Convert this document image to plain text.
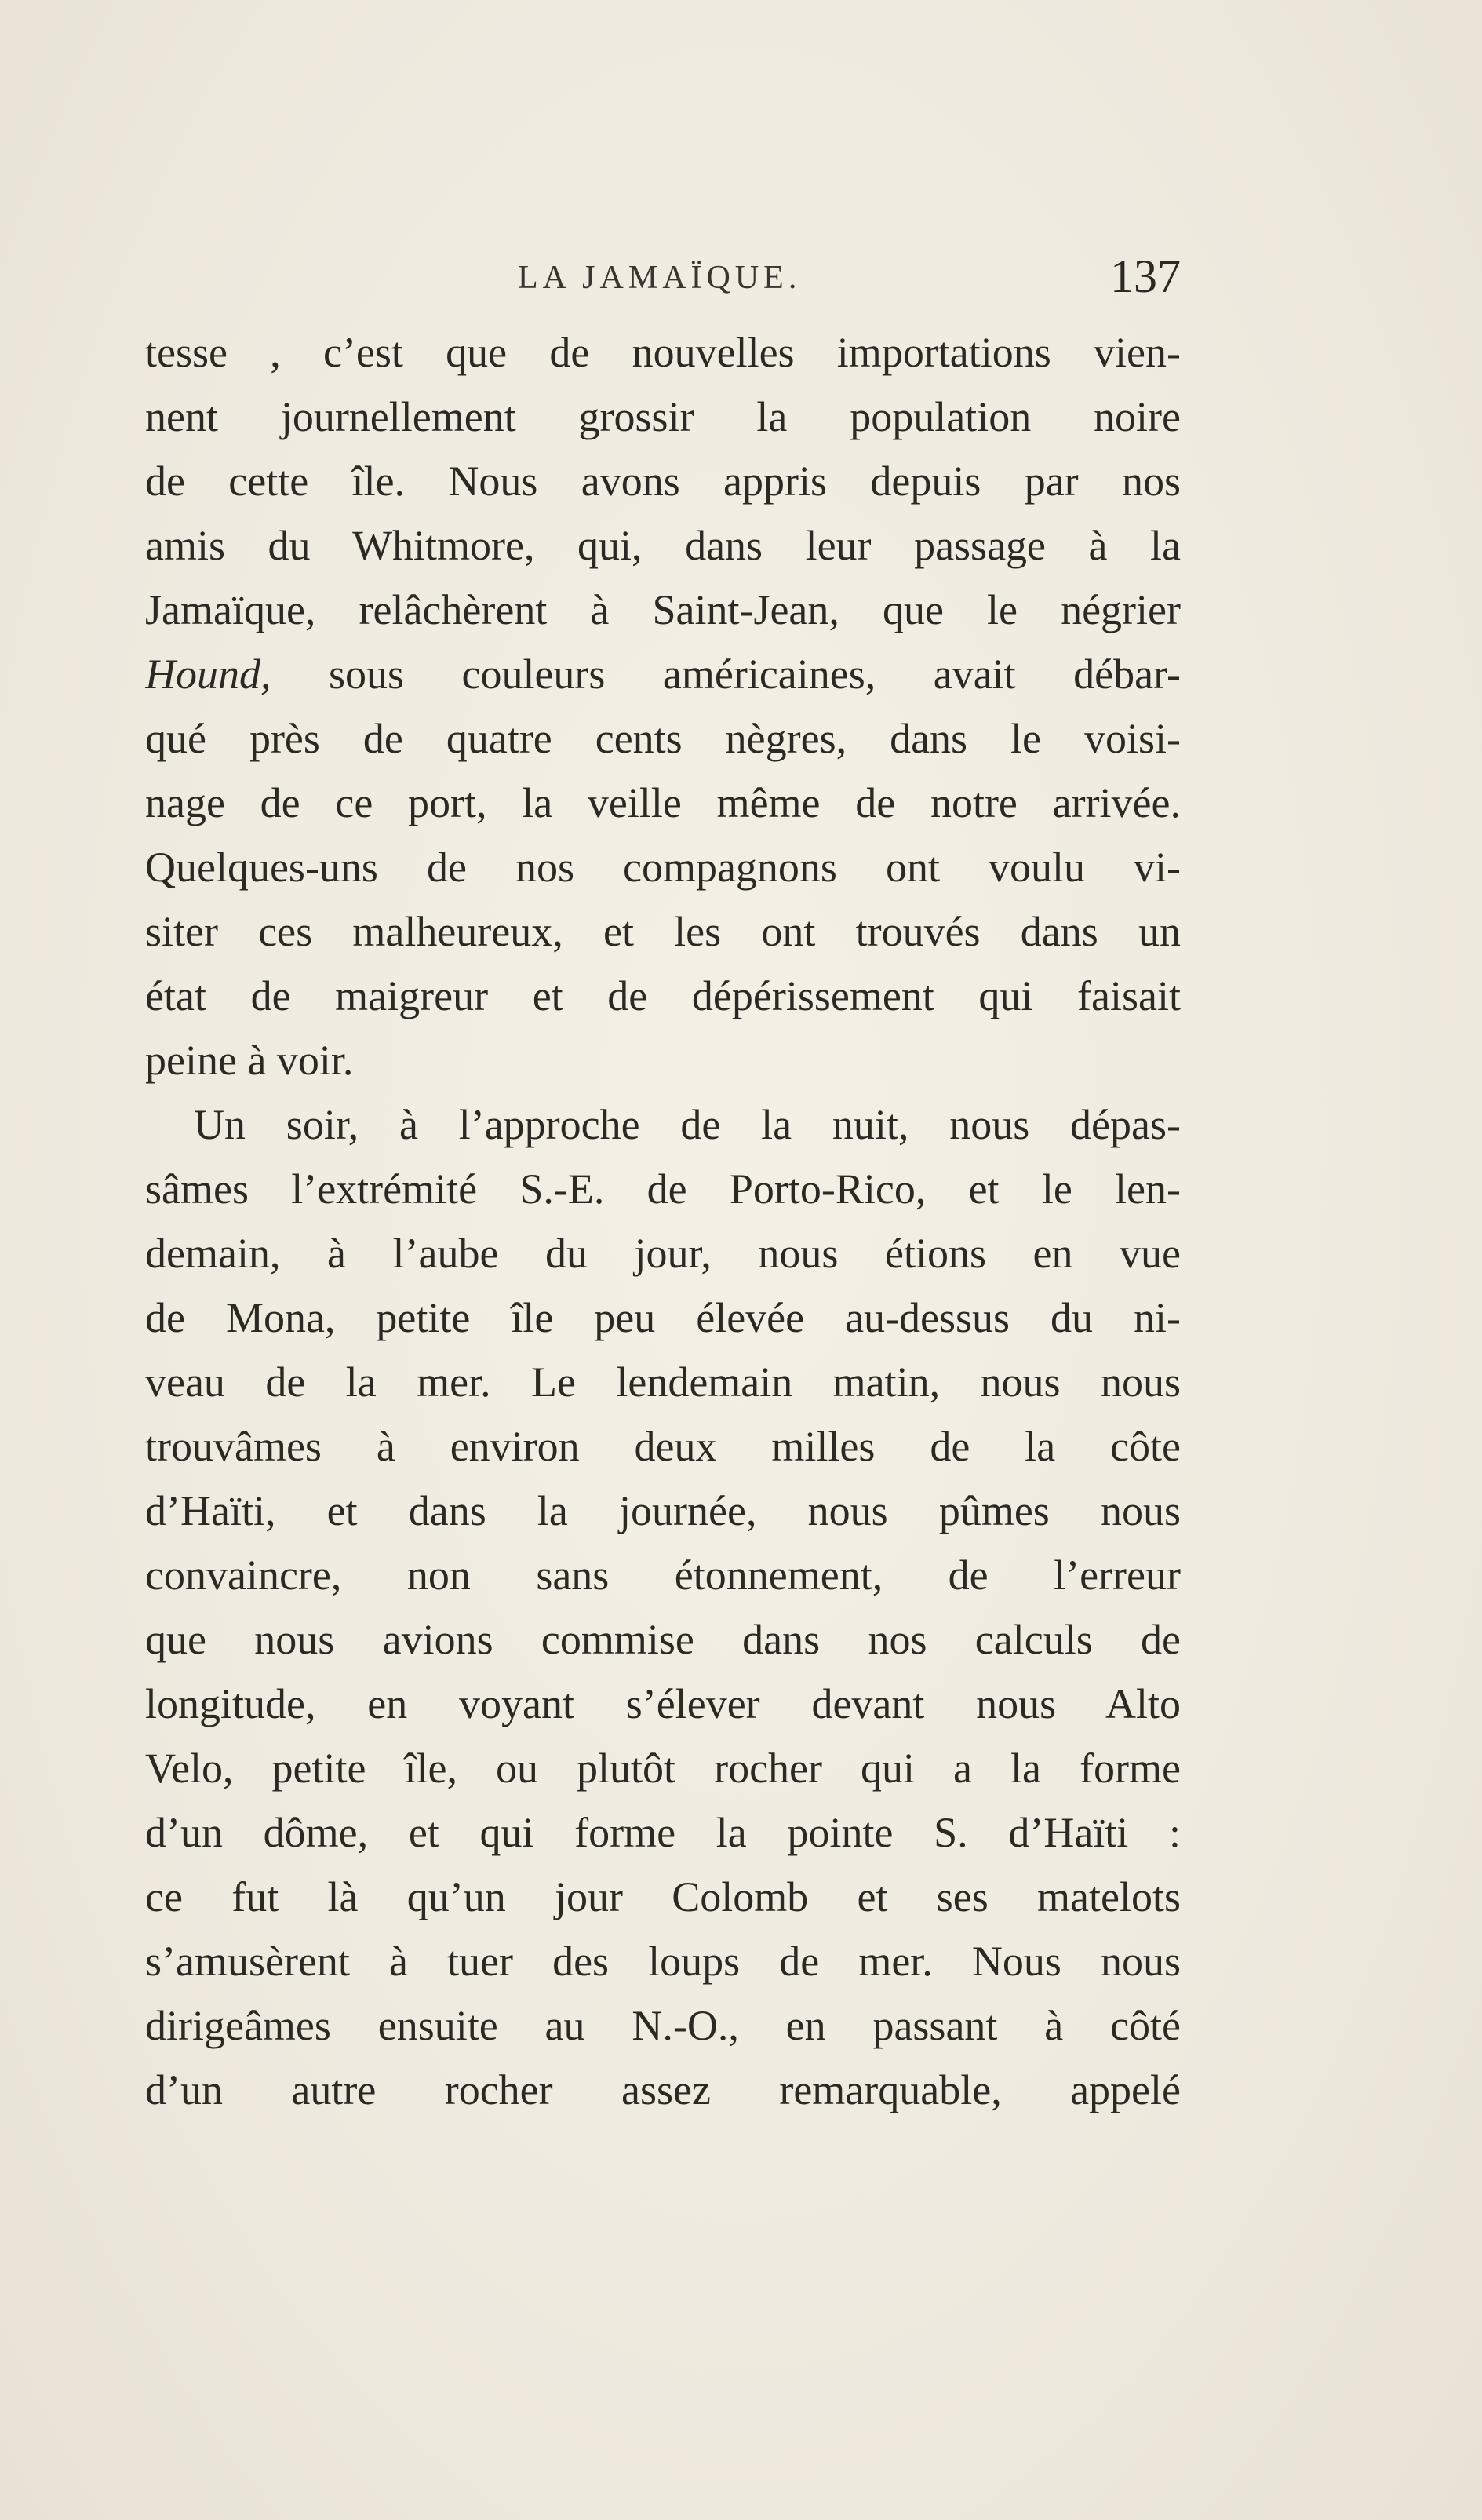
LA JAMAÏQUE.	137
tesse , c’est que de nouvelles importations vien-
nent journellement grossir la population noire
de cette île. Nous avons appris depuis par nos
amis du Whitmore, qui, dans leur passage à la
Jamaïque, relâchèrent à Saint-Jean, que le négrier
Hound, sous couleurs américaines, avait débar-
qué près de quatre cents nègres, dans le voisi-
nage de ce port, la veille même de notre arrivée.
Quelques-uns de nos compagnons ont voulu vi-
siter ces malheureux, et les ont trouvés dans un
état de maigreur et de dépérissement qui faisait
peine à voir.
Un soir, à l’approche de la nuit, nous dépas-
sâmes l’extrémité S.-E. de Porto-Rico, et le len-
demain, à l’aube du jour, nous étions en vue
de Mona, petite île peu élevée au-dessus du ni-
veau de la mer. Le lendemain matin, nous nous
trouvâmes à environ deux milles de la côte
d’Haïti, et dans la journée, nous pûmes nous
convaincre, non sans étonnement, de l’erreur
que nous avions commise dans nos calculs de
longitude, en voyant s’élever devant nous Alto
Velo, petite île, ou plutôt rocher qui a la forme
d’un dôme, et qui forme la pointe S. d’Haïti :
ce fut là qu’un jour Colomb et ses matelots
s’amusèrent à tuer des loups de mer. Nous nous
dirigeâmes ensuite au N.-O., en passant à côté
d’un autre rocher assez remarquable, appelé
